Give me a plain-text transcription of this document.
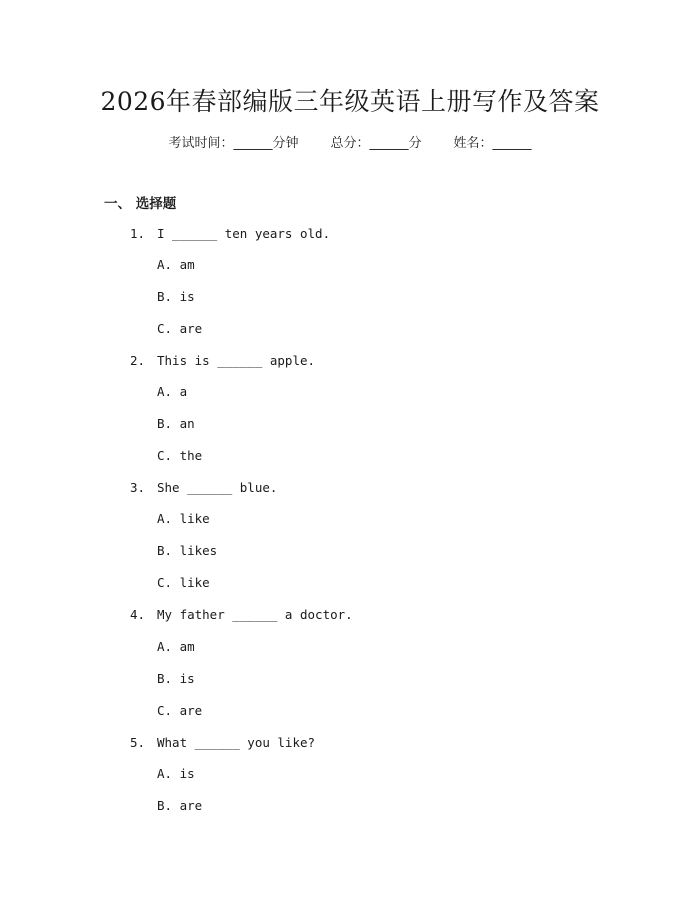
2026年春部编版三年级英语上册写作及答案
考试时间：______分钟 总分：______分 姓名：______
一、 选择题
1. I ______ ten years old.
A. am
B. is
C. are
2. This is ______ apple.
A. a
B. an
C. the
3. She ______ blue.
A. like
B. likes
C. like
4. My father ______ a doctor.
A. am
B. is
C. are
5. What ______ you like?
A. is
B. are
